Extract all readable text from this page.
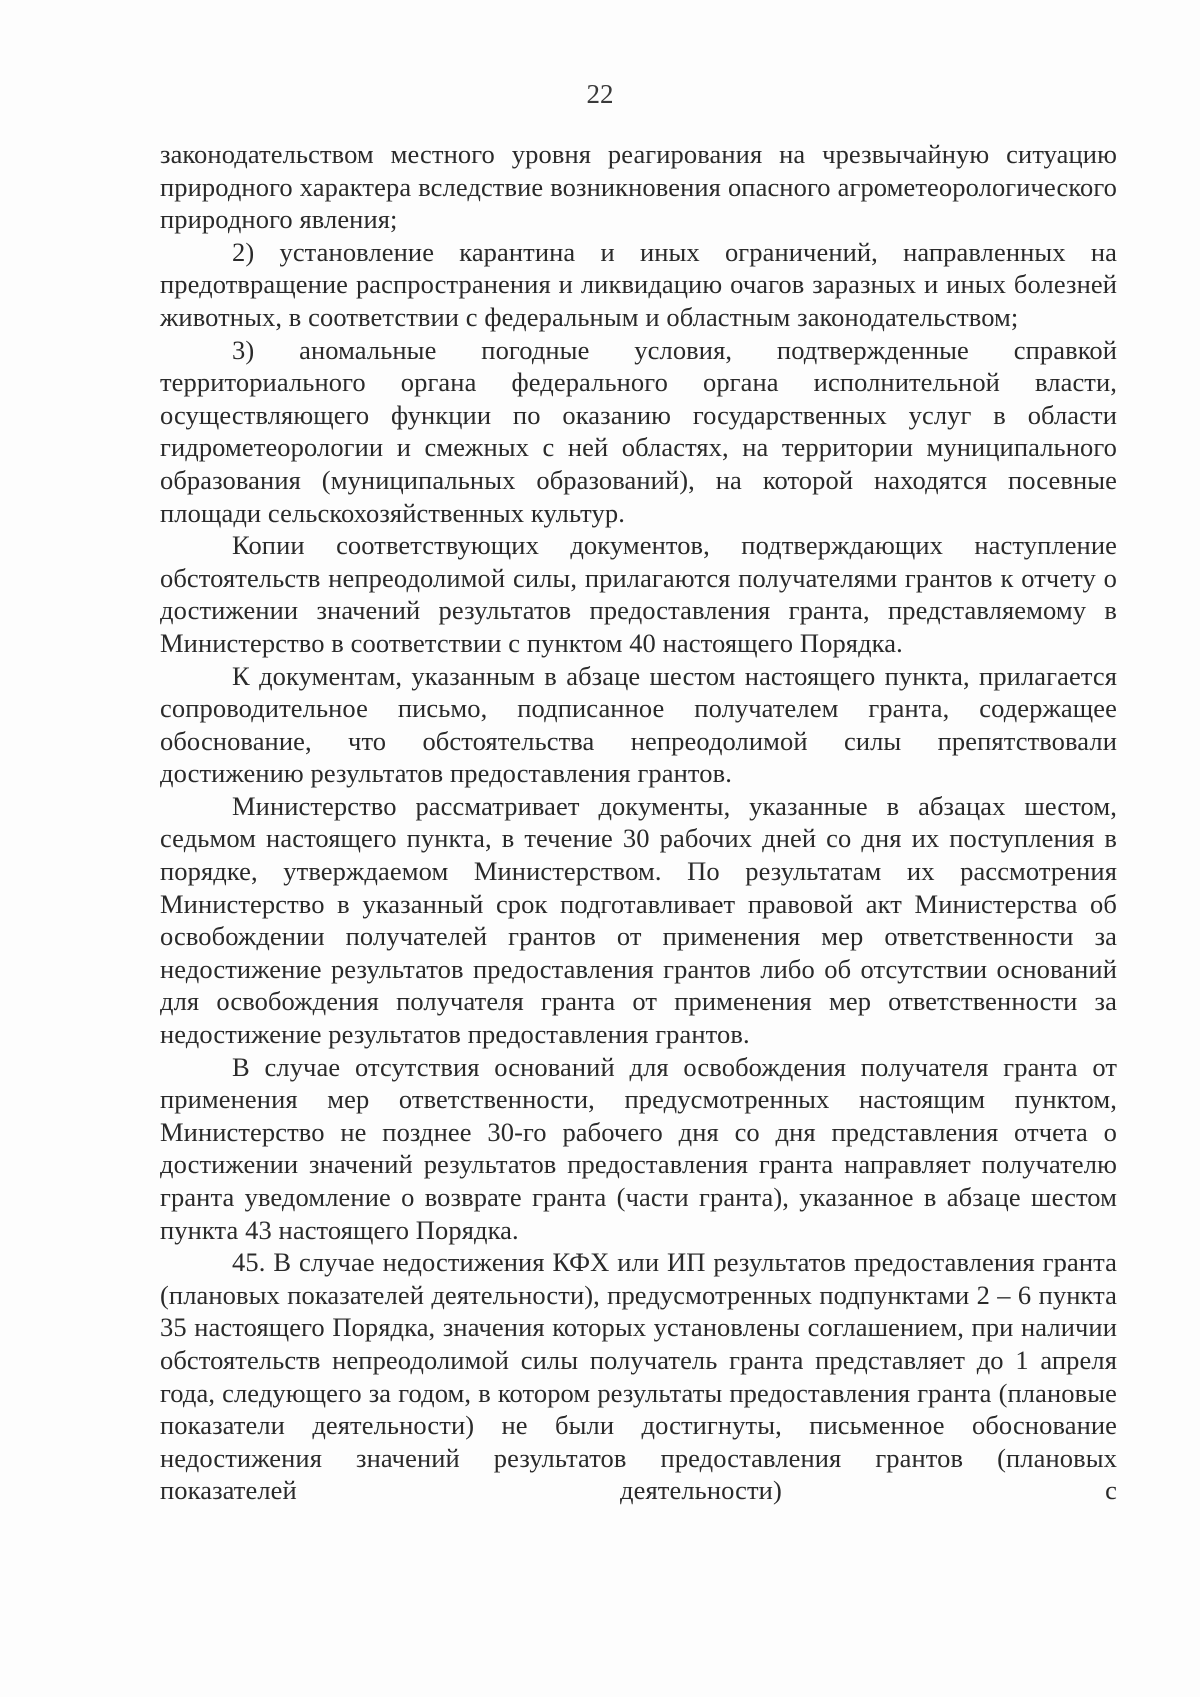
22

законодательством местного уровня реагирования на чрезвычайную ситуацию природного характера вследствие возникновения опасного агрометеорологического природного явления;

2) установление карантина и иных ограничений, направленных на предотвращение распространения и ликвидацию очагов заразных и иных болезней животных, в соответствии с федеральным и областным законодательством;

3) аномальные погодные условия, подтвержденные справкой территориального органа федерального органа исполнительной власти, осуществляющего функции по оказанию государственных услуг в области гидрометеорологии и смежных с ней областях, на территории муниципального образования (муниципальных образований), на которой находятся посевные площади сельскохозяйственных культур.

Копии соответствующих документов, подтверждающих наступление обстоятельств непреодолимой силы, прилагаются получателями грантов к отчету о достижении значений результатов предоставления гранта, представляемому в Министерство в соответствии с пунктом 40 настоящего Порядка.

К документам, указанным в абзаце шестом настоящего пункта, прилагается сопроводительное письмо, подписанное получателем гранта, содержащее обоснование, что обстоятельства непреодолимой силы препятствовали достижению результатов предоставления грантов.

Министерство рассматривает документы, указанные в абзацах шестом, седьмом настоящего пункта, в течение 30 рабочих дней со дня их поступления в порядке, утверждаемом Министерством. По результатам их рассмотрения Министерство в указанный срок подготавливает правовой акт Министерства об освобождении получателей грантов от применения мер ответственности за недостижение результатов предоставления грантов либо об отсутствии оснований для освобождения получателя гранта от применения мер ответственности за недостижение результатов предоставления грантов.

В случае отсутствия оснований для освобождения получателя гранта от применения мер ответственности, предусмотренных настоящим пунктом, Министерство не позднее 30-го рабочего дня со дня представления отчета о достижении значений результатов предоставления гранта направляет получателю гранта уведомление о возврате гранта (части гранта), указанное в абзаце шестом пункта 43 настоящего Порядка.

45. В случае недостижения КФХ или ИП результатов предоставления гранта (плановых показателей деятельности), предусмотренных подпунктами 2 – 6 пункта 35 настоящего Порядка, значения которых установлены соглашением, при наличии обстоятельств непреодолимой силы получатель гранта представляет до 1 апреля года, следующего за годом, в котором результаты предоставления гранта (плановые показатели деятельности) не были достигнуты, письменное обоснование недостижения значений результатов предоставления грантов (плановых показателей деятельности) с
